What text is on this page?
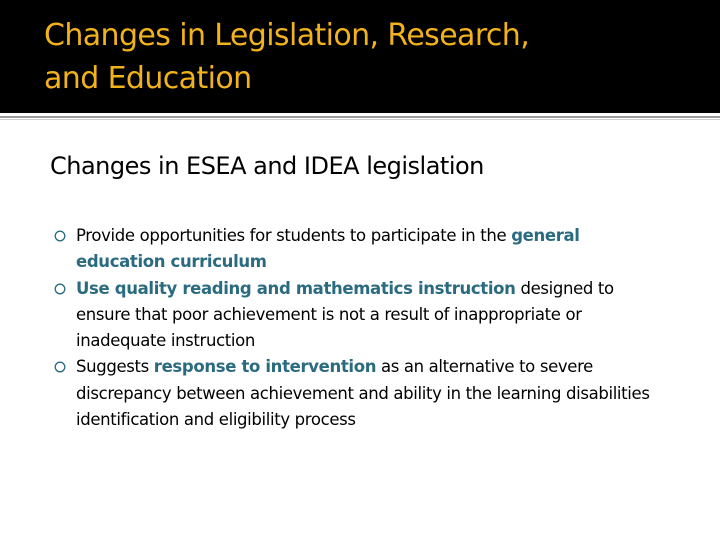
Changes in Legislation, Research,
and Education
Changes in ESEA and IDEA legislation
Provide opportunities for students to participate in the general education curriculum
Use quality reading and mathematics instruction designed to ensure that poor achievement is not a result of inappropriate or inadequate instruction
Suggests response to intervention as an alternative to severe discrepancy between achievement and ability in the learning disabilities identification and eligibility process
